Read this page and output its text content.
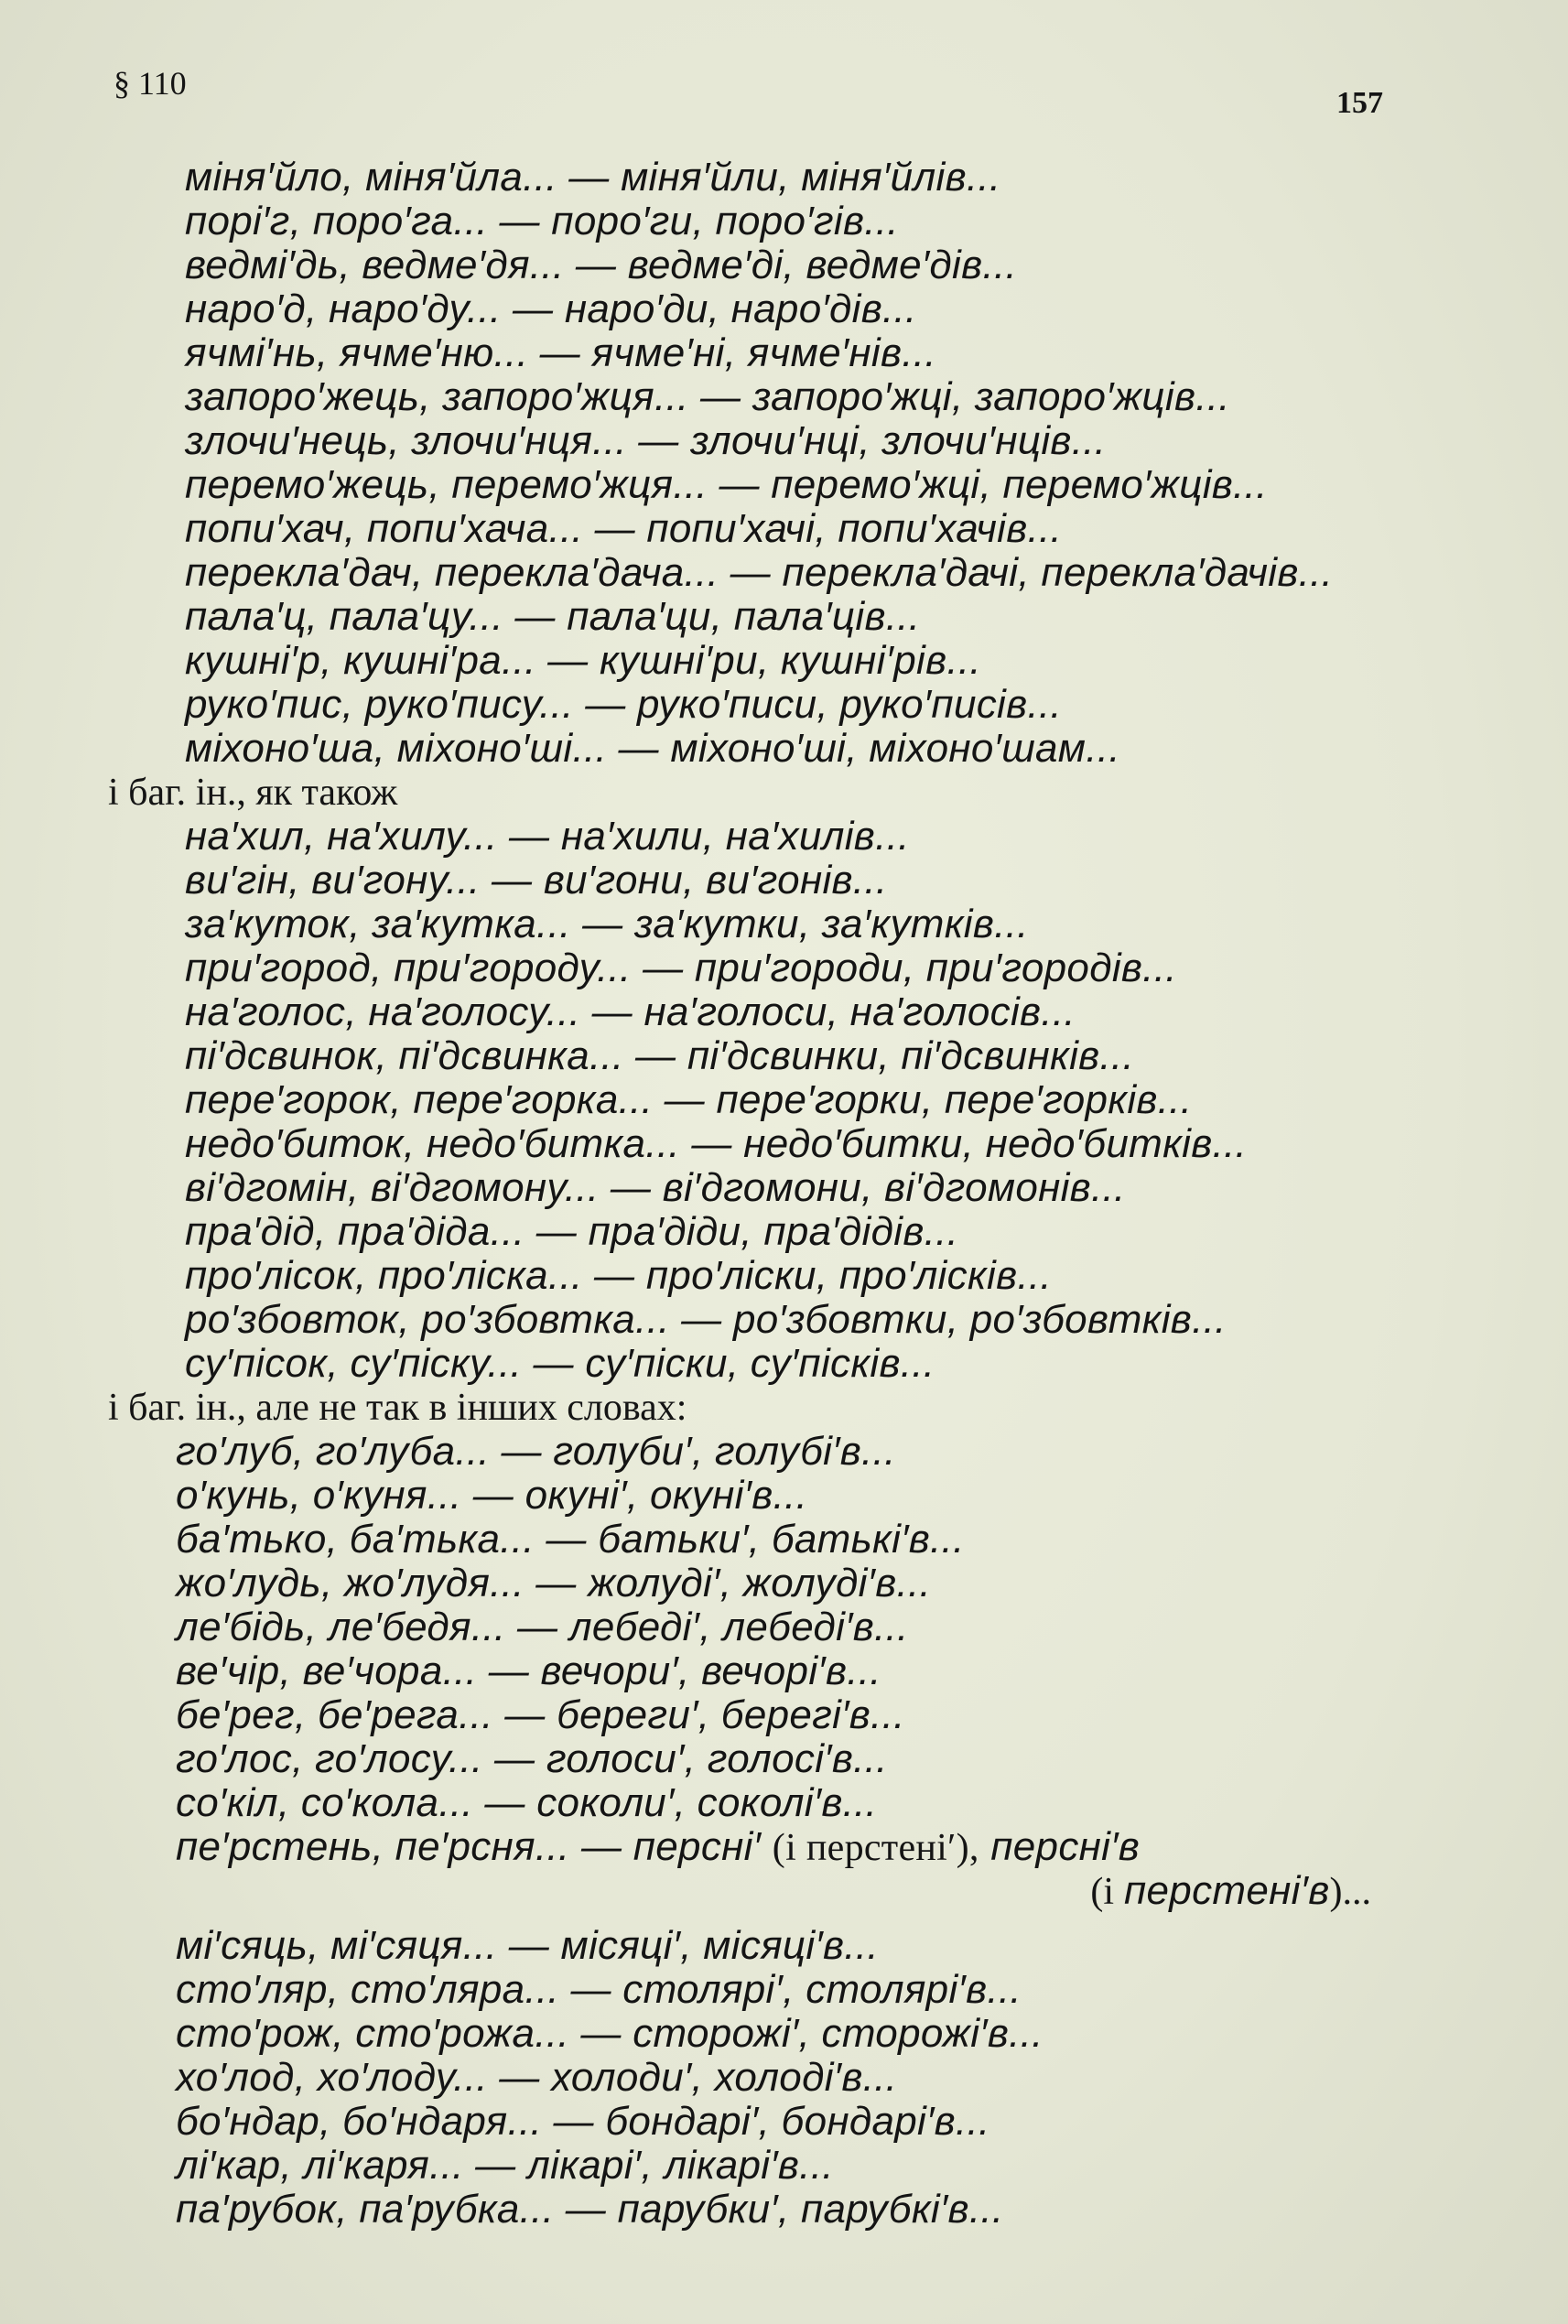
§ 110
157
міня′йло, міня′йла... — міня′йли, міня′йлів...
порі′г, поро′га... — поро′ги, поро′гів...
ведмі′дь, ведме′дя... — ведме′ді, ведме′дів...
наро′д, наро′ду... — наро′ди, наро′дів...
ячмі′нь, ячме′ню... — ячме′ні, ячме′нів...
запоро′жець, запоро′жця... — запоро′жці, запоро′жців...
злочи′нець, злочи′нця... — злочи′нці, злочи′нців...
перемо′жець, перемо′жця... — перемо′жці, перемо′жців...
попи′хач, попи′хача... — попи′хачі, попи′хачів...
перекла′дач, перекла′дача... — перекла′дачі, перекла′дачів...
пала′ц, пала′цу... — пала′ци, пала′ців...
кушні′р, кушні′ра... — кушні′ри, кушні′рів...
руко′пис, руко′пису... — руко′писи, руко′писів...
міхоно′ша, міхоно′ші... — міхоно′ші, міхоно′шам...
і баг. ін., як також
на′хил, на′хилу... — на′хили, на′хилів...
ви′гін, ви′гону... — ви′гони, ви′гонів...
за′куток, за′кутка... — за′кутки, за′кутків...
при′город, при′городу... — при′городи, при′городів...
на′голос, на′голосу... — на′голоси, на′голосів...
пі′дсвинок, пі′дсвинка... — пі′дсвинки, пі′дсвинків...
пере′горок, пере′горка... — пере′горки, пере′горків...
недо′биток, недо′битка... — недо′битки, недо′битків...
ві′дгомін, ві′дгомону... — ві′дгомони, ві′дгомонів...
пра′дід, пра′діда... — пра′діди, пра′дідів...
про′лісок, про′ліска... — про′ліски, про′лісків...
ро′збовток, ро′збовтка... — ро′збовтки, ро′збовтків...
су′пісок, су′піску... — су′піски, су′пісків...
і баг. ін., але не так в інших словах:
го′луб, го′луба... — голуби′, голубі′в...
о′кунь, о′куня... — окуні′, окуні′в...
ба′тько, ба′тька... — батьки′, батькі′в...
жо′лудь, жо′лудя... — жолуді′, жолуді′в...
ле′бідь, ле′бедя... — лебеді′, лебеді′в...
ве′чір, ве′чора... — вечори′, вечорі′в...
бе′рег, бе′рега... — береги′, берегі′в...
го′лос, го′лосу... — голоси′, голосі′в...
со′кіл, со′кола... — соколи′, соколі′в...
пе′рстень, пе′рсня... — персні′ (і перстені′), персні′в
(і перстені′в)...
мі′сяць, мі′сяця... — місяці′, місяці′в...
сто′ляр, сто′ляра... — столярі′, столярі′в...
сто′рож, сто′рожа... — сторожі′, сторожі′в...
хо′лод, хо′лоду... — холоди′, холоді′в...
бо′ндар, бо′ндаря... — бондарі′, бондарі′в...
лі′кар, лі′каря... — лікарі′, лікарі′в...
па′рубок, па′рубка... — парубки′, парубкі′в...
